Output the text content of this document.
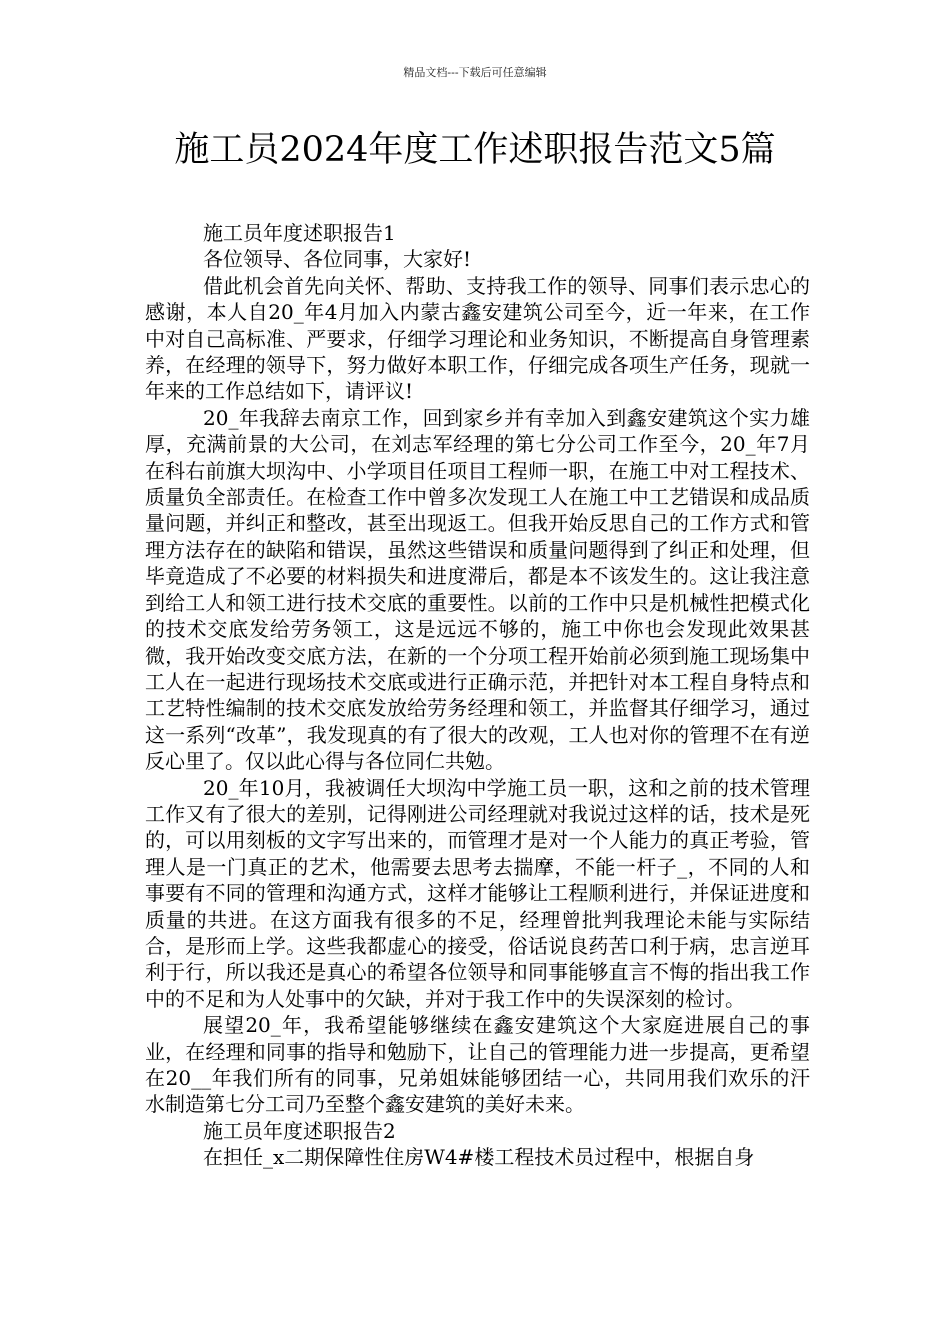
精品文档---下载后可任意编辑
施工员2024年度工作述职报告范文5篇

施工员年度述职报告1

各位领导、各位同事，大家好!

借此机会首先向关怀、帮助、支持我工作的领导、同事们表示忠心的感谢，本人自20_年4月加入内蒙古鑫安建筑公司至今，近一年来，在工作中对自己高标准、严要求，仔细学习理论和业务知识，不断提高自身管理素养，在经理的领导下，努力做好本职工作，仔细完成各项生产任务，现就一年来的工作总结如下，请评议!

20_年我辞去南京工作，回到家乡并有幸加入到鑫安建筑这个实力雄厚，充满前景的大公司，在刘志军经理的第七分公司工作至今，20_年7月在科右前旗大坝沟中、小学项目任项目工程师一职，在施工中对工程技术、质量负全部责任。在检查工作中曾多次发现工人在施工中工艺错误和成品质量问题，并纠正和整改，甚至出现返工。但我开始反思自己的工作方式和管理方法存在的缺陷和错误，虽然这些错误和质量问题得到了纠正和处理，但毕竟造成了不必要的材料损失和进度滞后，都是本不该发生的。这让我注意到给工人和领工进行技术交底的重要性。以前的工作中只是机械性把模式化的技术交底发给劳务领工，这是远远不够的，施工中你也会发现此效果甚微，我开始改变交底方法，在新的一个分项工程开始前必须到施工现场集中工人在一起进行现场技术交底或进行正确示范，并把针对本工程自身特点和工艺特性编制的技术交底发放给劳务经理和领工，并监督其仔细学习，通过这一系列“改革”，我发现真的有了很大的改观，工人也对你的管理不在有逆反心里了。仅以此心得与各位同仁共勉。

20_年10月，我被调任大坝沟中学施工员一职，这和之前的技术管理工作又有了很大的差别，记得刚进公司经理就对我说过这样的话，技术是死的，可以用刻板的文字写出来的，而管理才是对一个人能力的真正考验，管理人是一门真正的艺术，他需要去思考去揣摩，不能一杆子_，不同的人和事要有不同的管理和沟通方式，这样才能够让工程顺利进行，并保证进度和质量的共进。在这方面我有很多的不足，经理曾批判我理论未能与实际结合，是形而上学。这些我都虚心的接受，俗话说良药苦口利于病，忠言逆耳利于行，所以我还是真心的希望各位领导和同事能够直言不悔的指出我工作中的不足和为人处事中的欠缺，并对于我工作中的失误深刻的检讨。

展望20_年，我希望能够继续在鑫安建筑这个大家庭进展自己的事业，在经理和同事的指导和勉励下，让自己的管理能力进一步提高，更希望在20__年我们所有的同事，兄弟姐妹能够团结一心，共同用我们欢乐的汗水制造第七分工司乃至整个鑫安建筑的美好未来。

施工员年度述职报告2

在担任_x二期保障性住房W4#楼工程技术员过程中，根据自身
